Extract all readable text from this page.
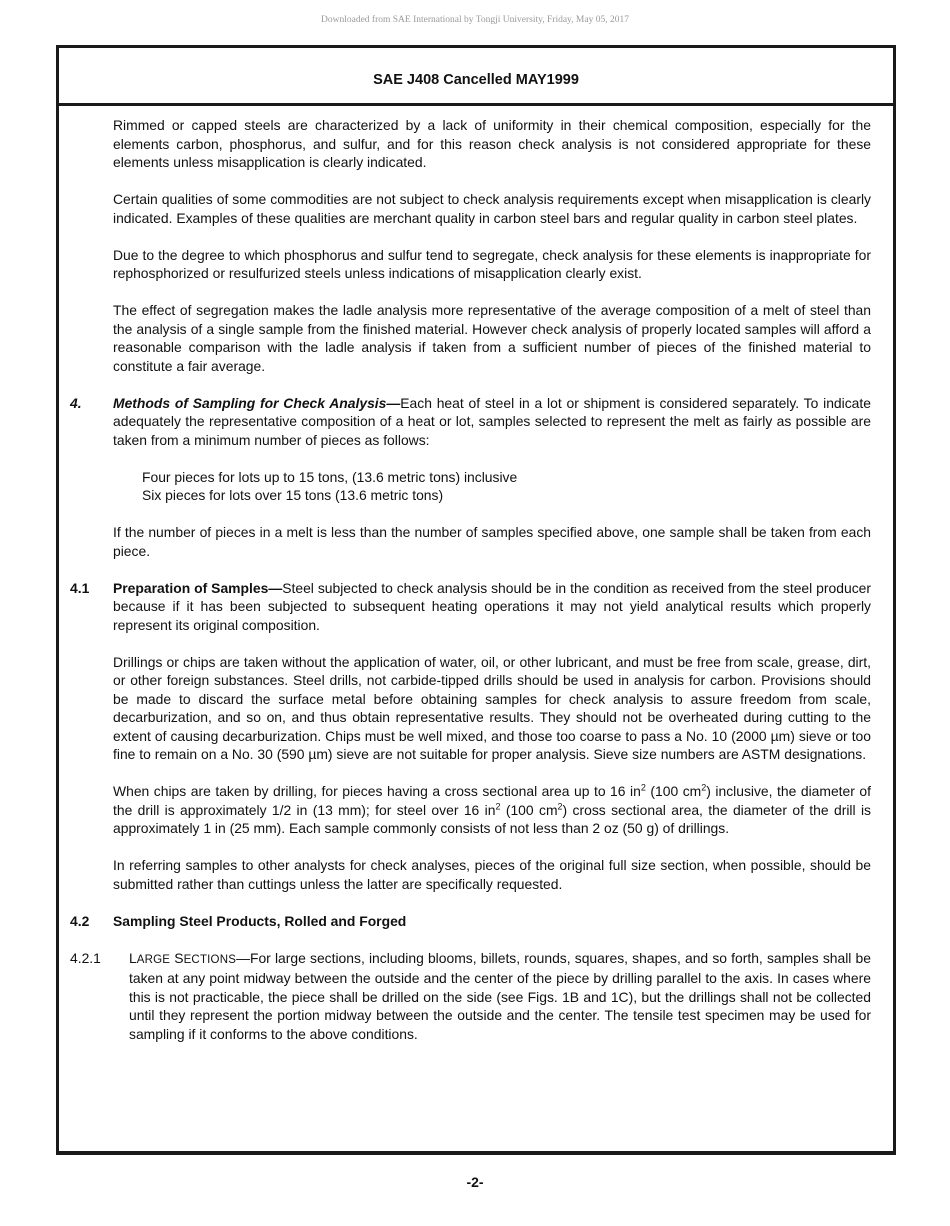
Downloaded from SAE International by Tongji University, Friday, May 05, 2017
SAE J408 Cancelled MAY1999

Rimmed or capped steels are characterized by a lack of uniformity in their chemical composition, especially for the elements carbon, phosphorus, and sulfur, and for this reason check analysis is not considered appropriate for these elements unless misapplication is clearly indicated.

Certain qualities of some commodities are not subject to check analysis requirements except when misapplication is clearly indicated. Examples of these qualities are merchant quality in carbon steel bars and regular quality in carbon steel plates.

Due to the degree to which phosphorus and sulfur tend to segregate, check analysis for these elements is inappropriate for rephosphorized or resulfurized steels unless indications of misapplication clearly exist.

The effect of segregation makes the ladle analysis more representative of the average composition of a melt of steel than the analysis of a single sample from the finished material. However check analysis of properly located samples will afford a reasonable comparison with the ladle analysis if taken from a sufficient number of pieces of the finished material to constitute a fair average.

4. Methods of Sampling for Check Analysis—Each heat of steel in a lot or shipment is considered separately. To indicate adequately the representative composition of a heat or lot, samples selected to represent the melt as fairly as possible are taken from a minimum number of pieces as follows:

Four pieces for lots up to 15 tons, (13.6 metric tons) inclusive
Six pieces for lots over 15 tons (13.6 metric tons)

If the number of pieces in a melt is less than the number of samples specified above, one sample shall be taken from each piece.

4.1 Preparation of Samples—Steel subjected to check analysis should be in the condition as received from the steel producer because if it has been subjected to subsequent heating operations it may not yield analytical results which properly represent its original composition.

Drillings or chips are taken without the application of water, oil, or other lubricant, and must be free from scale, grease, dirt, or other foreign substances. Steel drills, not carbide-tipped drills should be used in analysis for carbon. Provisions should be made to discard the surface metal before obtaining samples for check analysis to assure freedom from scale, decarburization, and so on, and thus obtain representative results. They should not be overheated during cutting to the extent of causing decarburization. Chips must be well mixed, and those too coarse to pass a No. 10 (2000 µm) sieve or too fine to remain on a No. 30 (590 µm) sieve are not suitable for proper analysis. Sieve size numbers are ASTM designations.

When chips are taken by drilling, for pieces having a cross sectional area up to 16 $in^2$ (100 $cm^2$) inclusive, the diameter of the drill is approximately 1/2 in (13 mm); for steel over 16 $in^2$ (100 $cm^2$) cross sectional area, the diameter of the drill is approximately 1 in (25 mm). Each sample commonly consists of not less than 2 oz (50 g) of drillings.

In referring samples to other analysts for check analyses, pieces of the original full size section, when possible, should be submitted rather than cuttings unless the latter are specifically requested.

4.2 Sampling Steel Products, Rolled and Forged

4.2.1 LARGE SECTIONS—For large sections, including blooms, billets, rounds, squares, shapes, and so forth, samples shall be taken at any point midway between the outside and the center of the piece by drilling parallel to the axis. In cases where this is not practicable, the piece shall be drilled on the side (see Figs. 1B and 1C), but the drillings shall not be collected until they represent the portion midway between the outside and the center. The tensile test specimen may be used for sampling if it conforms to the above conditions.

-2-
